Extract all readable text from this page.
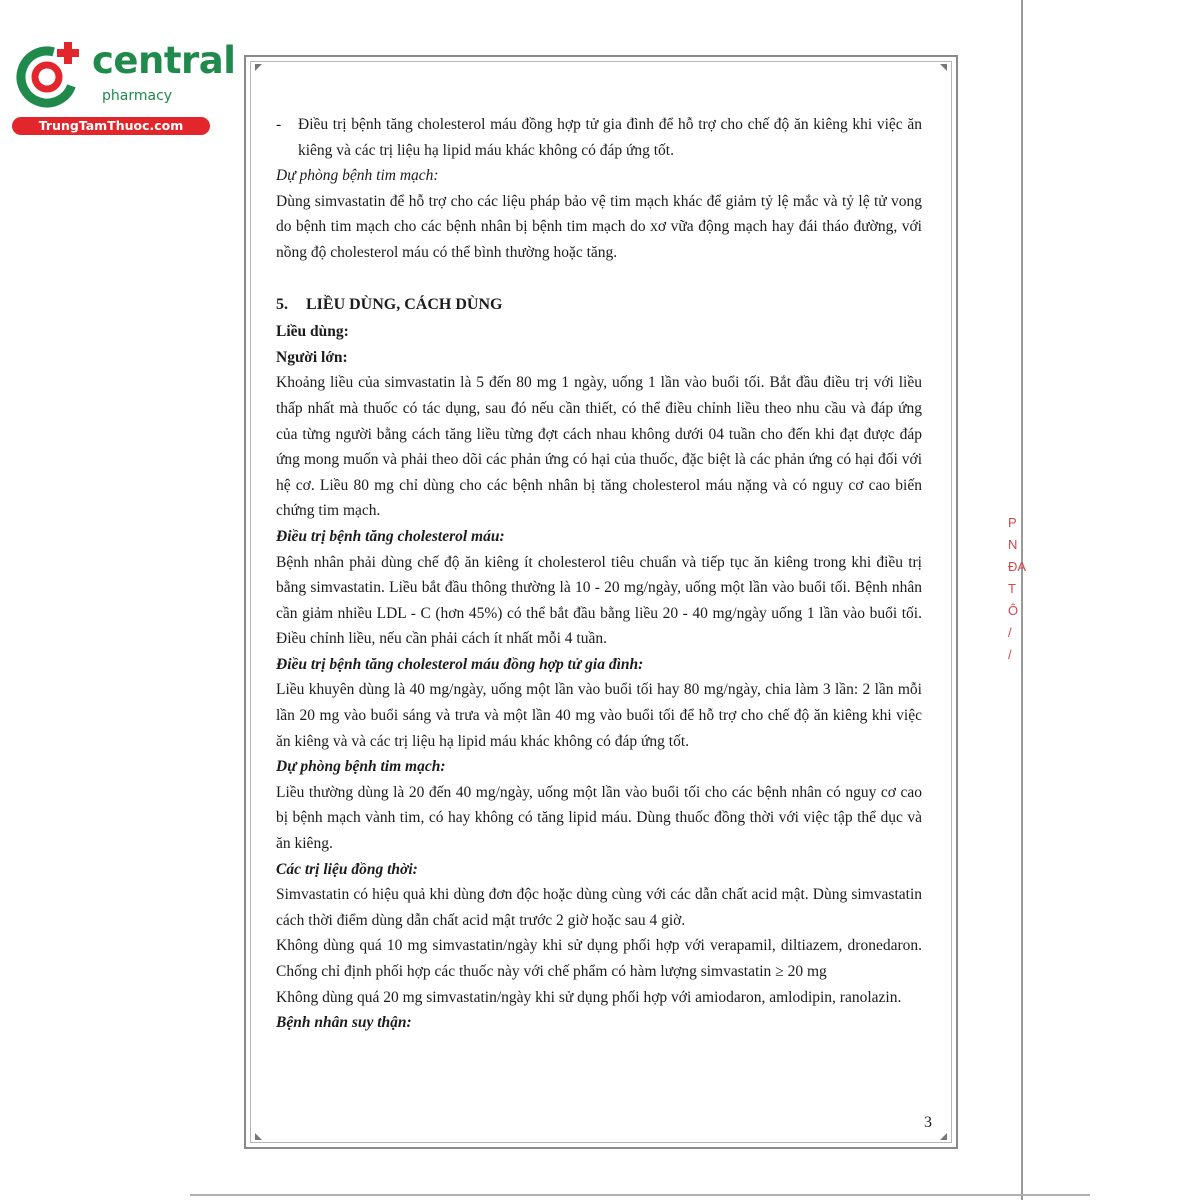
central
pharmacy
TrungTamThuoc.com
P
N
ĐA
T
Ô
/
/
-	Điều trị bệnh tăng cholesterol máu đồng hợp tử gia đình để hỗ trợ cho chế độ ăn kiêng khi việc ăn kiêng và các trị liệu hạ lipid máu khác không có đáp ứng tốt.

Dự phòng bệnh tim mạch:

Dùng simvastatin để hỗ trợ cho các liệu pháp bảo vệ tim mạch khác để giảm tỷ lệ mắc và tỷ lệ tử vong do bệnh tim mạch cho các bệnh nhân bị bệnh tim mạch do xơ vữa động mạch hay đái tháo đường, với nồng độ cholesterol máu có thể bình thường hoặc tăng.

5. LIỀU DÙNG, CÁCH DÙNG

Liều dùng:

Người lớn:

Khoảng liều của simvastatin là 5 đến 80 mg 1 ngày, uống 1 lần vào buổi tối. Bắt đầu điều trị với liều thấp nhất mà thuốc có tác dụng, sau đó nếu cần thiết, có thể điều chỉnh liều theo nhu cầu và đáp ứng của từng người bằng cách tăng liều từng đợt cách nhau không dưới 04 tuần cho đến khi đạt được đáp ứng mong muốn và phải theo dõi các phản ứng có hại của thuốc, đặc biệt là các phản ứng có hại đối với hệ cơ. Liều 80 mg chỉ dùng cho các bệnh nhân bị tăng cholesterol máu nặng và có nguy cơ cao biến chứng tim mạch.

Điều trị bệnh tăng cholesterol máu:

Bệnh nhân phải dùng chế độ ăn kiêng ít cholesterol tiêu chuẩn và tiếp tục ăn kiêng trong khi điều trị bằng simvastatin. Liều bắt đầu thông thường là 10 - 20 mg/ngày, uống một lần vào buổi tối. Bệnh nhân cần giảm nhiều LDL - C (hơn 45%) có thể bắt đầu bằng liều 20 - 40 mg/ngày uống 1 lần vào buổi tối. Điều chỉnh liều, nếu cần phải cách ít nhất mỗi 4 tuần.

Điều trị bệnh tăng cholesterol máu đồng hợp tử gia đình:

Liều khuyên dùng là 40 mg/ngày, uống một lần vào buổi tối hay 80 mg/ngày, chia làm 3 lần: 2 lần mỗi lần 20 mg vào buổi sáng và trưa và một lần 40 mg vào buổi tối để hỗ trợ cho chế độ ăn kiêng khi việc ăn kiêng và và các trị liệu hạ lipid máu khác không có đáp ứng tốt.

Dự phòng bệnh tim mạch:

Liều thường dùng là 20 đến 40 mg/ngày, uống một lần vào buổi tối cho các bệnh nhân có nguy cơ cao bị bệnh mạch vành tim, có hay không có tăng lipid máu. Dùng thuốc đồng thời với việc tập thể dục và ăn kiêng.

Các trị liệu đồng thời:

Simvastatin có hiệu quả khi dùng đơn độc hoặc dùng cùng với các dẫn chất acid mật. Dùng simvastatin cách thời điểm dùng dẫn chất acid mật trước 2 giờ hoặc sau 4 giờ.

Không dùng quá 10 mg simvastatin/ngày khi sử dụng phối hợp với verapamil, diltiazem, dronedaron. Chống chỉ định phối hợp các thuốc này với chế phẩm có hàm lượng simvastatin ≥ 20 mg

Không dùng quá 20 mg simvastatin/ngày khi sử dụng phối hợp với amiodaron, amlodipin, ranolazin.

Bệnh nhân suy thận:

3
